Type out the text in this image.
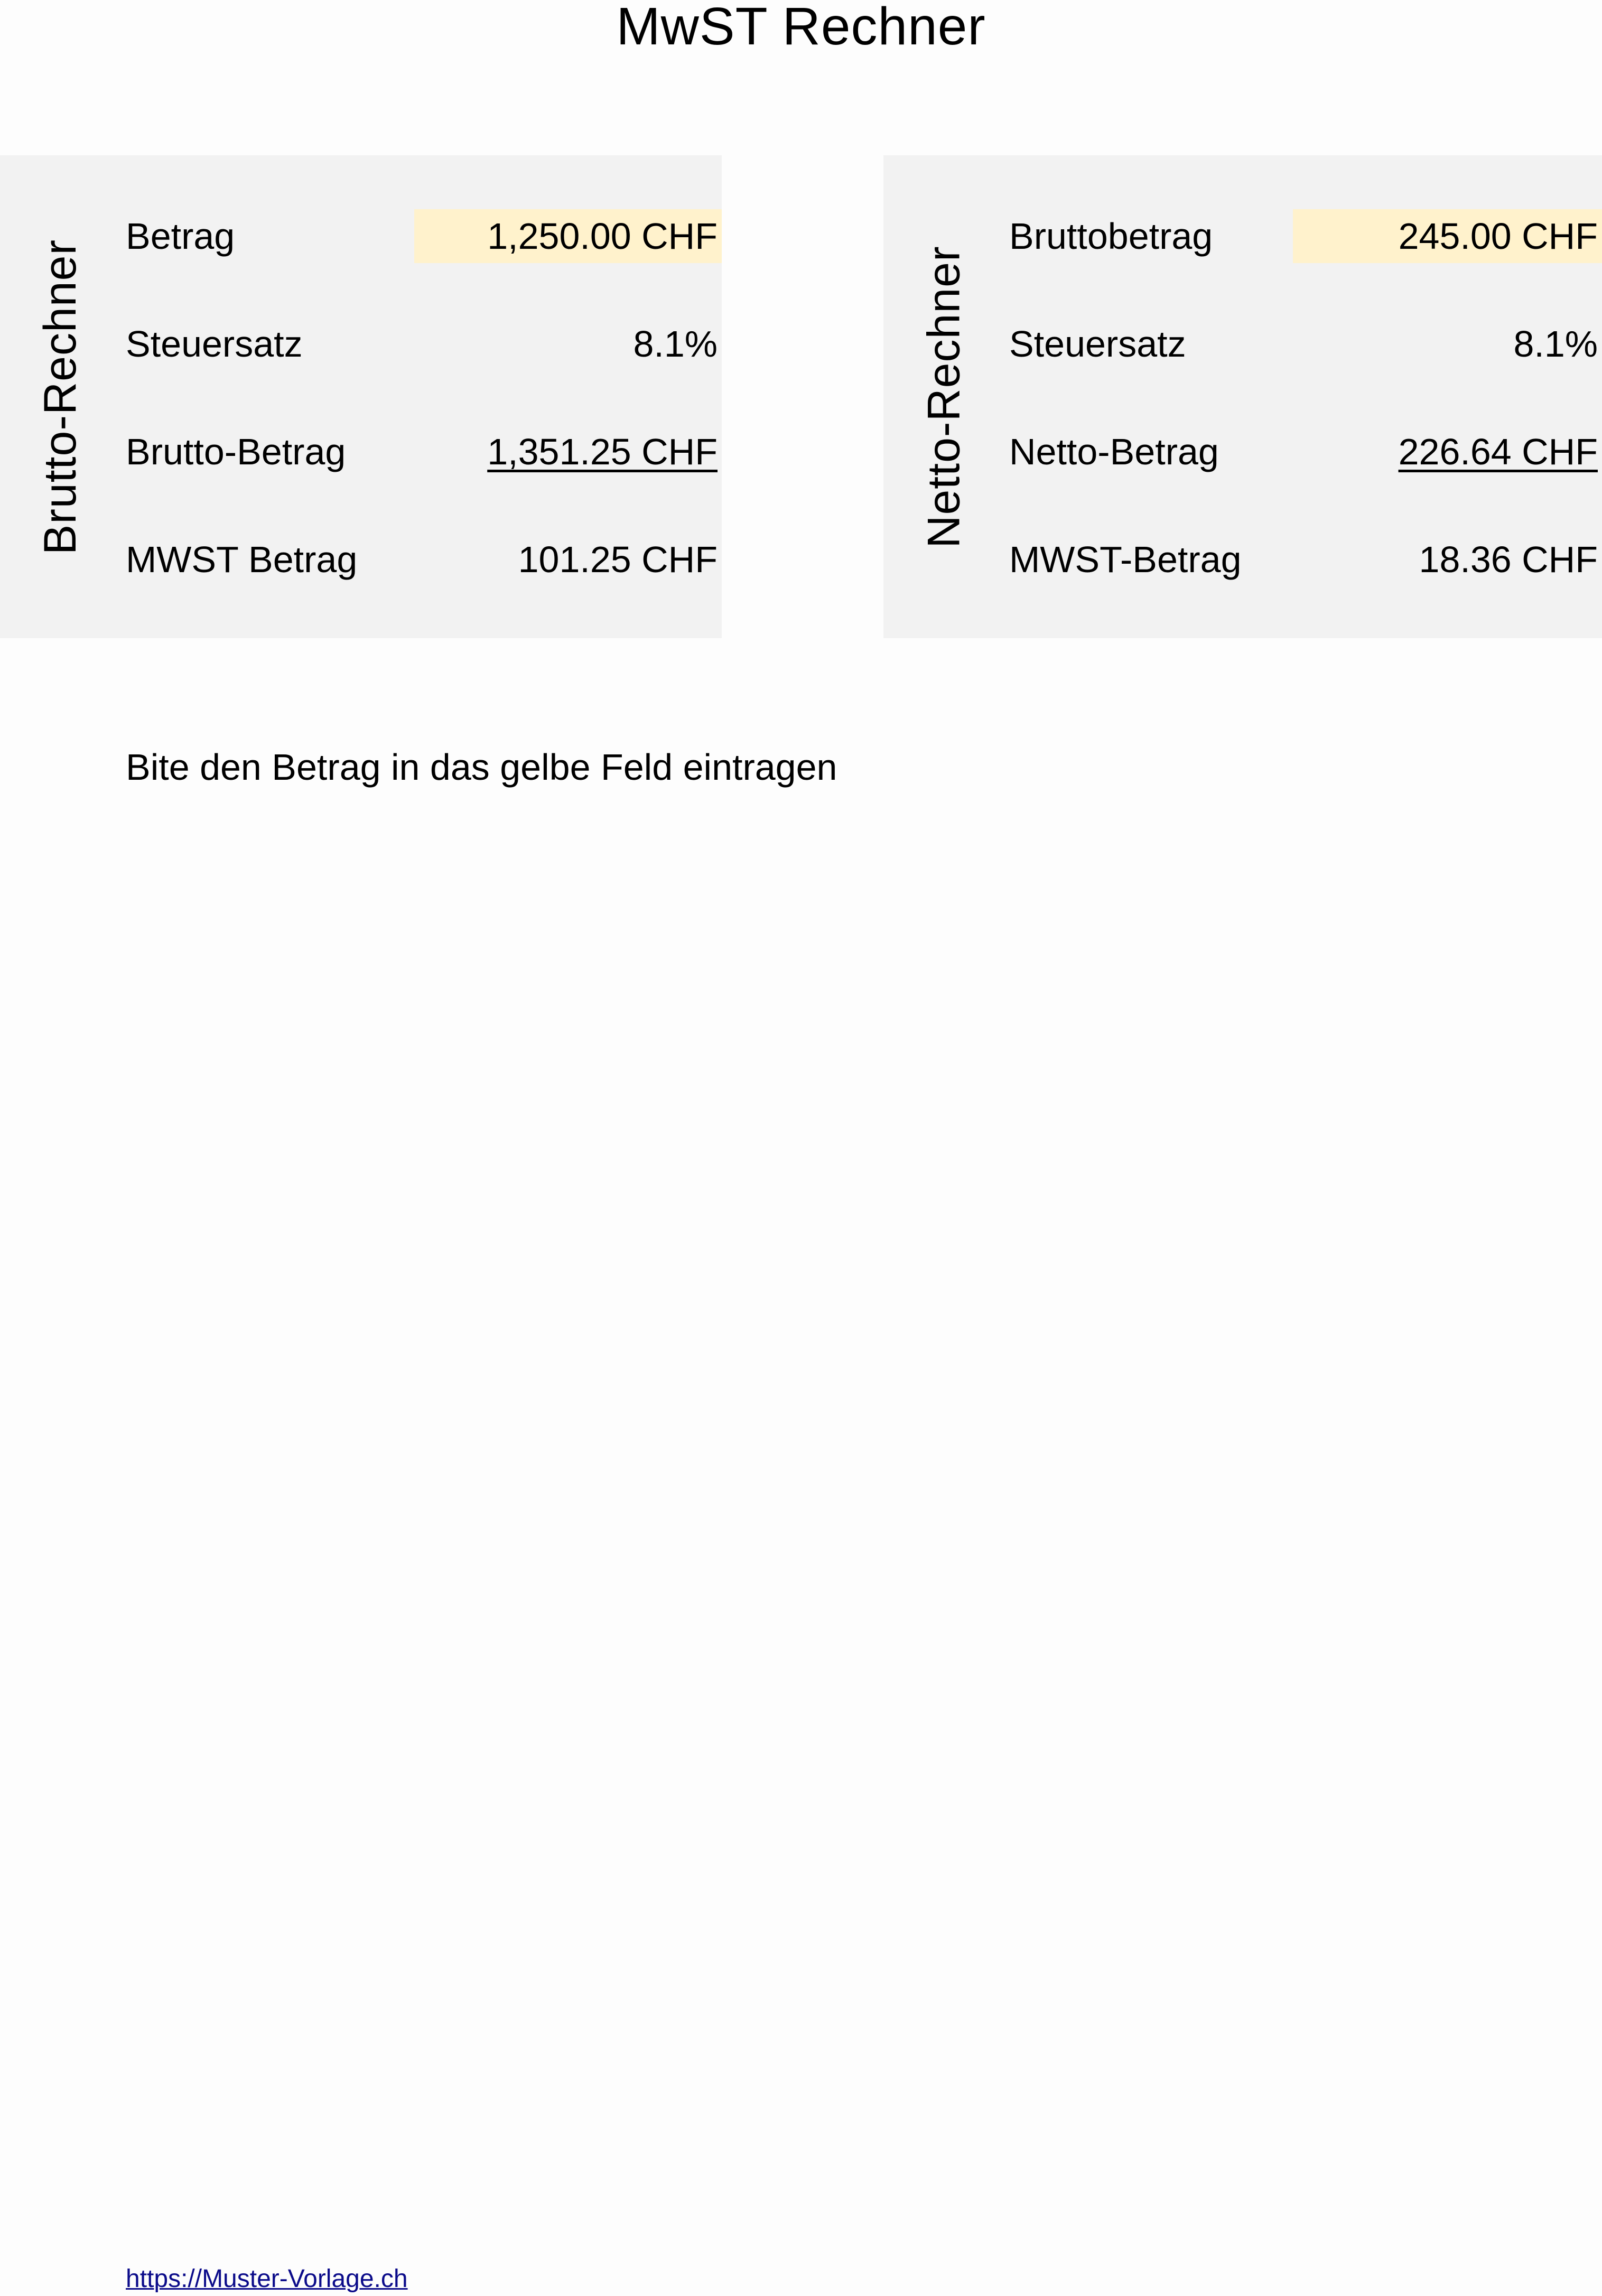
MwST Rechner
Brutto-Rechner
Betrag	1,250.00 CHF
Steuersatz	8.1%
Brutto-Betrag	1,351.25 CHF
MWST Betrag	101.25 CHF
Netto-Rechner
Bruttobetrag	245.00 CHF
Steuersatz	8.1%
Netto-Betrag	226.64 CHF
MWST-Betrag	18.36 CHF
Bite den Betrag in das gelbe Feld eintragen
https://Muster-Vorlage.ch
